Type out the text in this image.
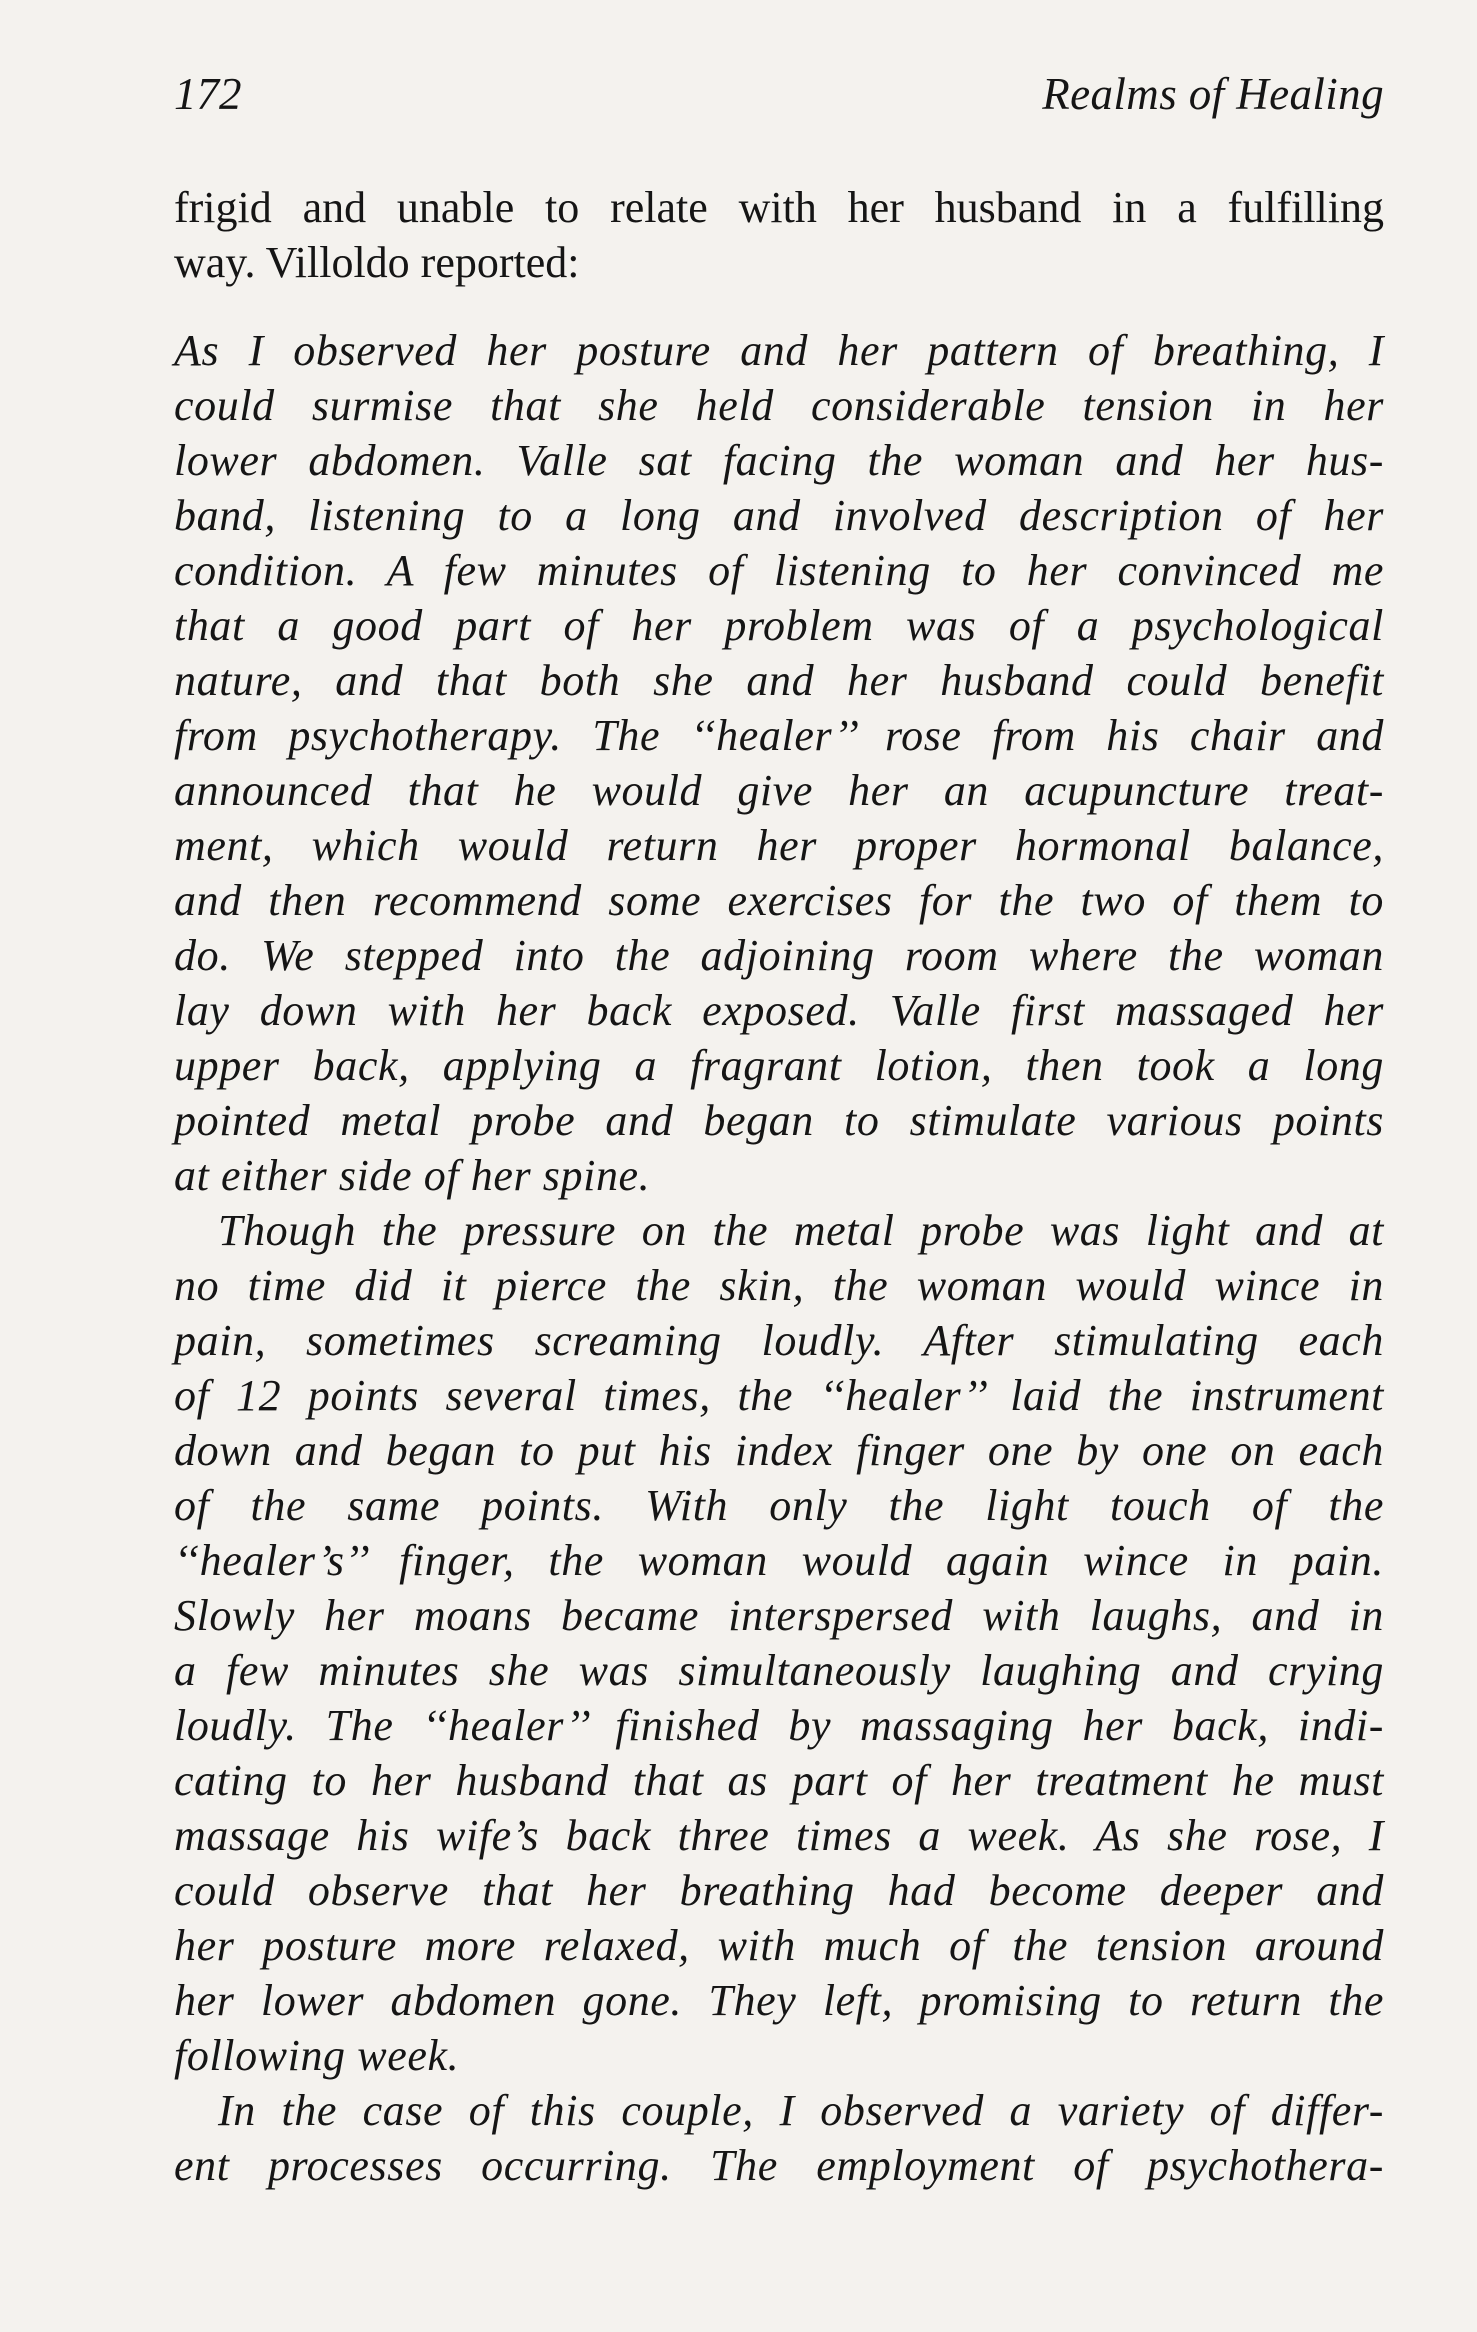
172	Realms of Healing
frigid and unable to relate with her husband in a fulfilling
way. Villoldo reported:
As I observed her posture and her pattern of breathing, I
could surmise that she held considerable tension in her
lower abdomen. Valle sat facing the woman and her hus-
band, listening to a long and involved description of her
condition. A few minutes of listening to her convinced me
that a good part of her problem was of a psychological
nature, and that both she and her husband could benefit
from psychotherapy. The ‘‘healer’’ rose from his chair and
announced that he would give her an acupuncture treat-
ment, which would return her proper hormonal balance,
and then recommend some exercises for the two of them to
do. We stepped into the adjoining room where the woman
lay down with her back exposed. Valle first massaged her
upper back, applying a fragrant lotion, then took a long
pointed metal probe and began to stimulate various points
at either side of her spine.
Though the pressure on the metal probe was light and at
no time did it pierce the skin, the woman would wince in
pain, sometimes screaming loudly. After stimulating each
of 12 points several times, the ‘‘healer’’ laid the instrument
down and began to put his index finger one by one on each
of the same points. With only the light touch of the
‘‘healer’s’’ finger, the woman would again wince in pain.
Slowly her moans became interspersed with laughs, and in
a few minutes she was simultaneously laughing and crying
loudly. The ‘‘healer’’ finished by massaging her back, indi-
cating to her husband that as part of her treatment he must
massage his wife’s back three times a week. As she rose, I
could observe that her breathing had become deeper and
her posture more relaxed, with much of the tension around
her lower abdomen gone. They left, promising to return the
following week.
In the case of this couple, I observed a variety of differ-
ent processes occurring. The employment of psychothera-
